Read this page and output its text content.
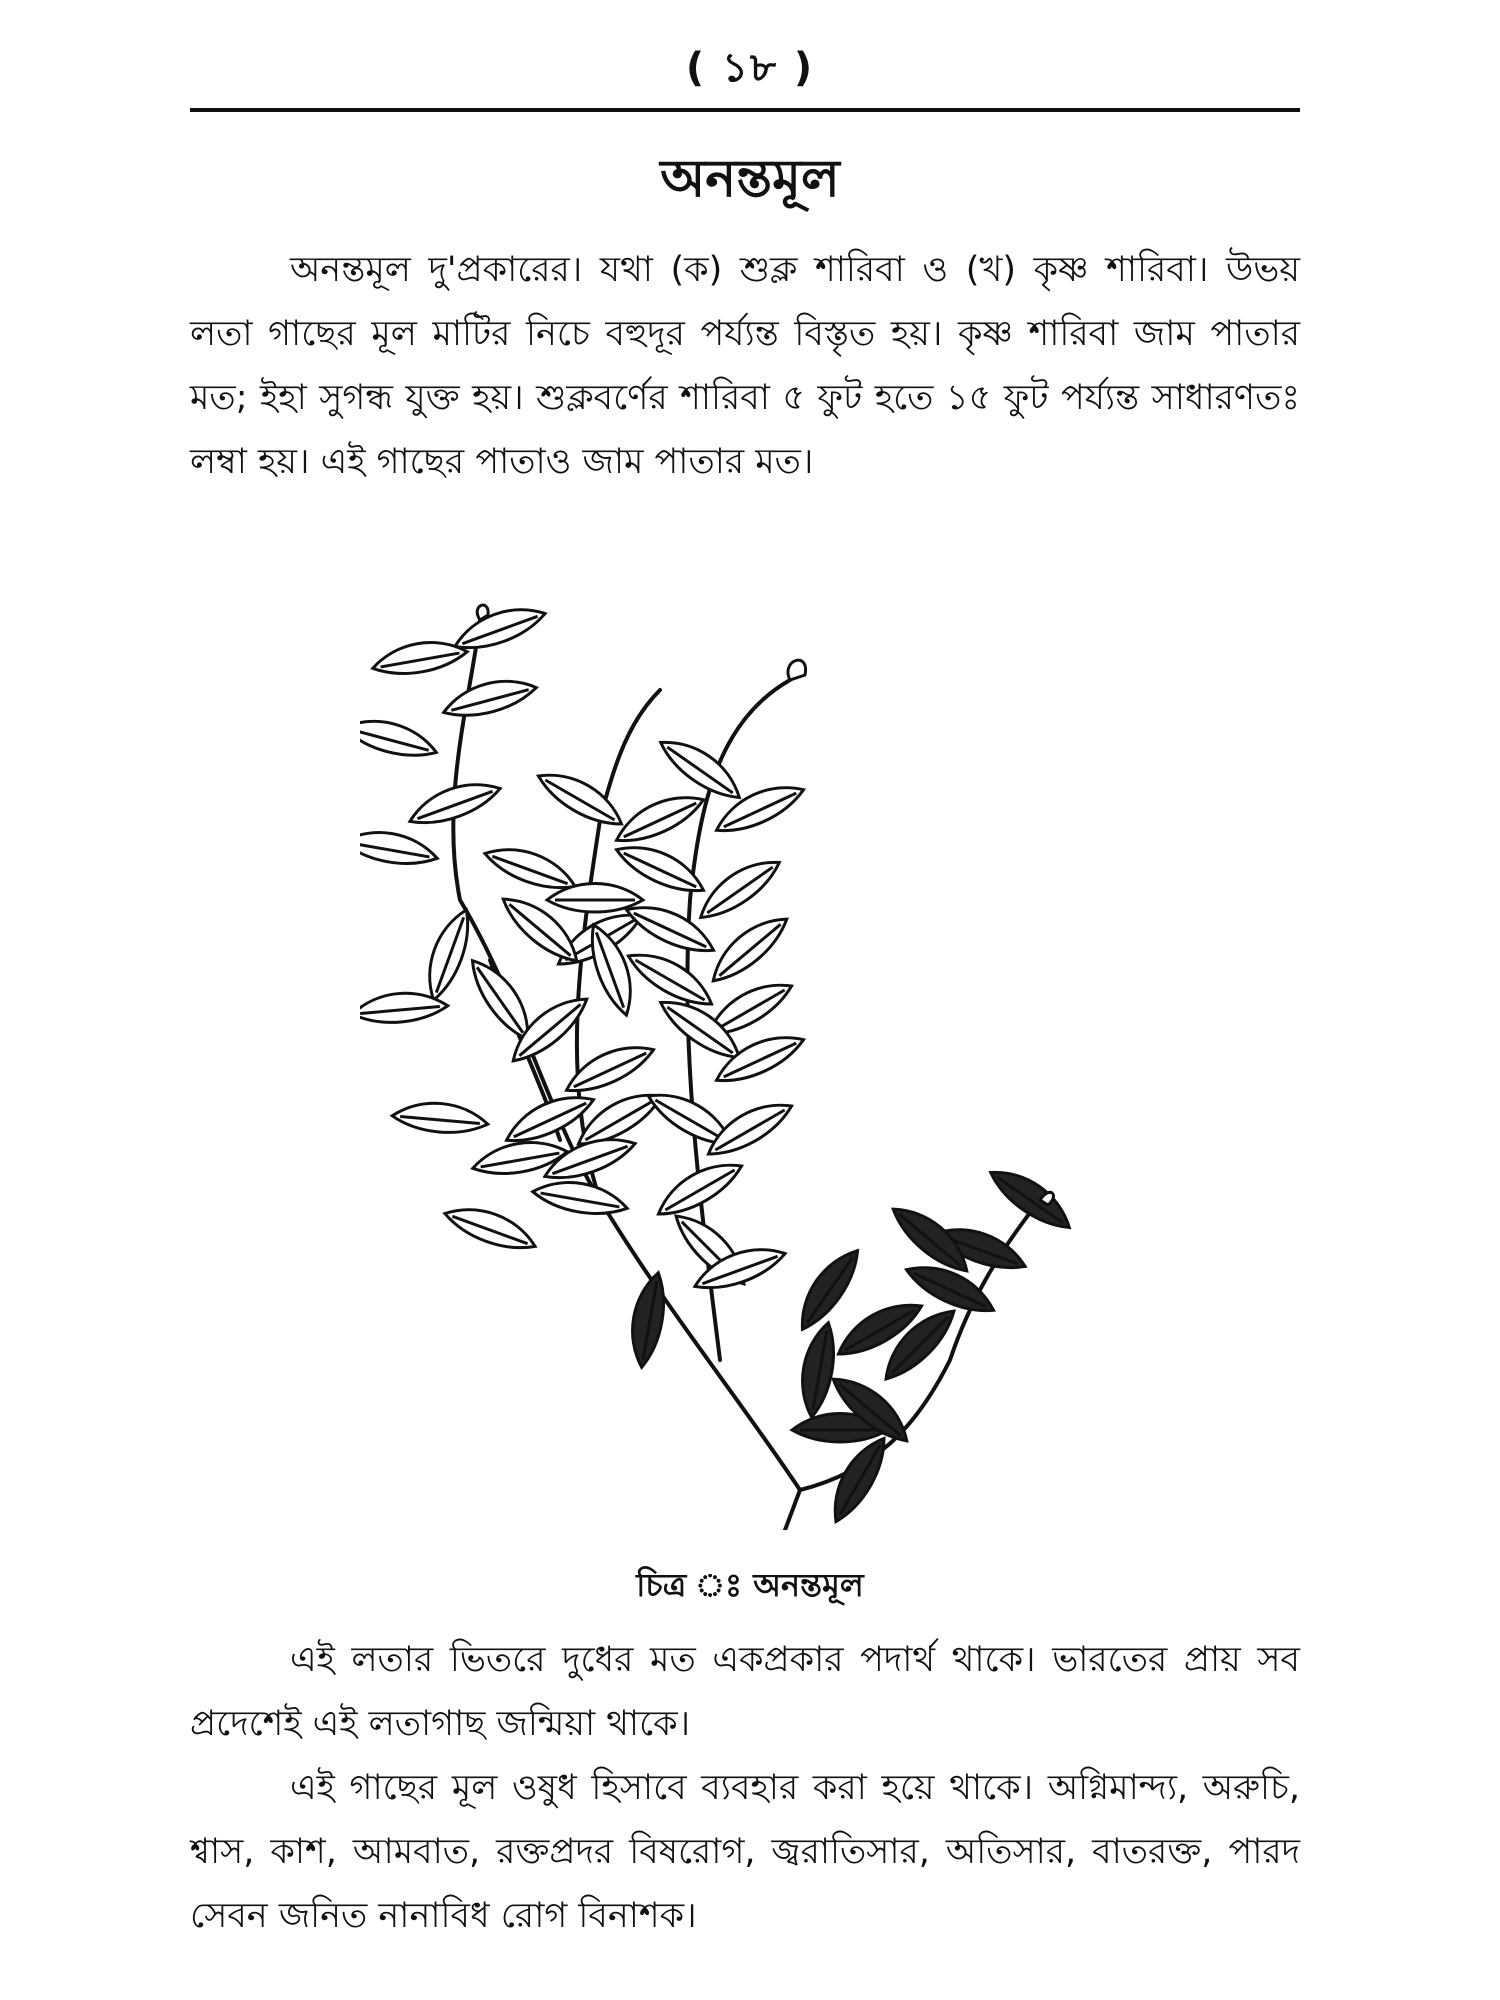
( ১৮ )
অনন্তমূল

অনন্তমূল দু'প্রকারের। যথা (ক) শুক্ল শারিবা ও (খ) কৃষ্ণ শারিবা। উভয় লতা গাছের মূল মাটির নিচে বহুদূর পর্য্যন্ত বিস্তৃত হয়। কৃষ্ণ শারিবা জাম পাতার মত; ইহা সুগন্ধ যুক্ত হয়। শুক্লবর্ণের শারিবা ৫ ফুট হতে ১৫ ফুট পর্য্যন্ত সাধারণতঃ লম্বা হয়। এই গাছের পাতাও জাম পাতার মত।

চিত্র ঃ অনন্তমূল

এই লতার ভিতরে দুধের মত একপ্রকার পদার্থ থাকে। ভারতের প্রায় সব প্রদেশেই এই লতাগাছ জন্মিয়া থাকে।

এই গাছের মূল ওষুধ হিসাবে ব্যবহার করা হয়ে থাকে। অগ্নিমান্দ্য, অরুচি, শ্বাস, কাশ, আমবাত, রক্তপ্রদর বিষরোগ, জ্বরাতিসার, অতিসার, বাতরক্ত, পারদ সেবন জনিত নানাবিধ রোগ বিনাশক।
